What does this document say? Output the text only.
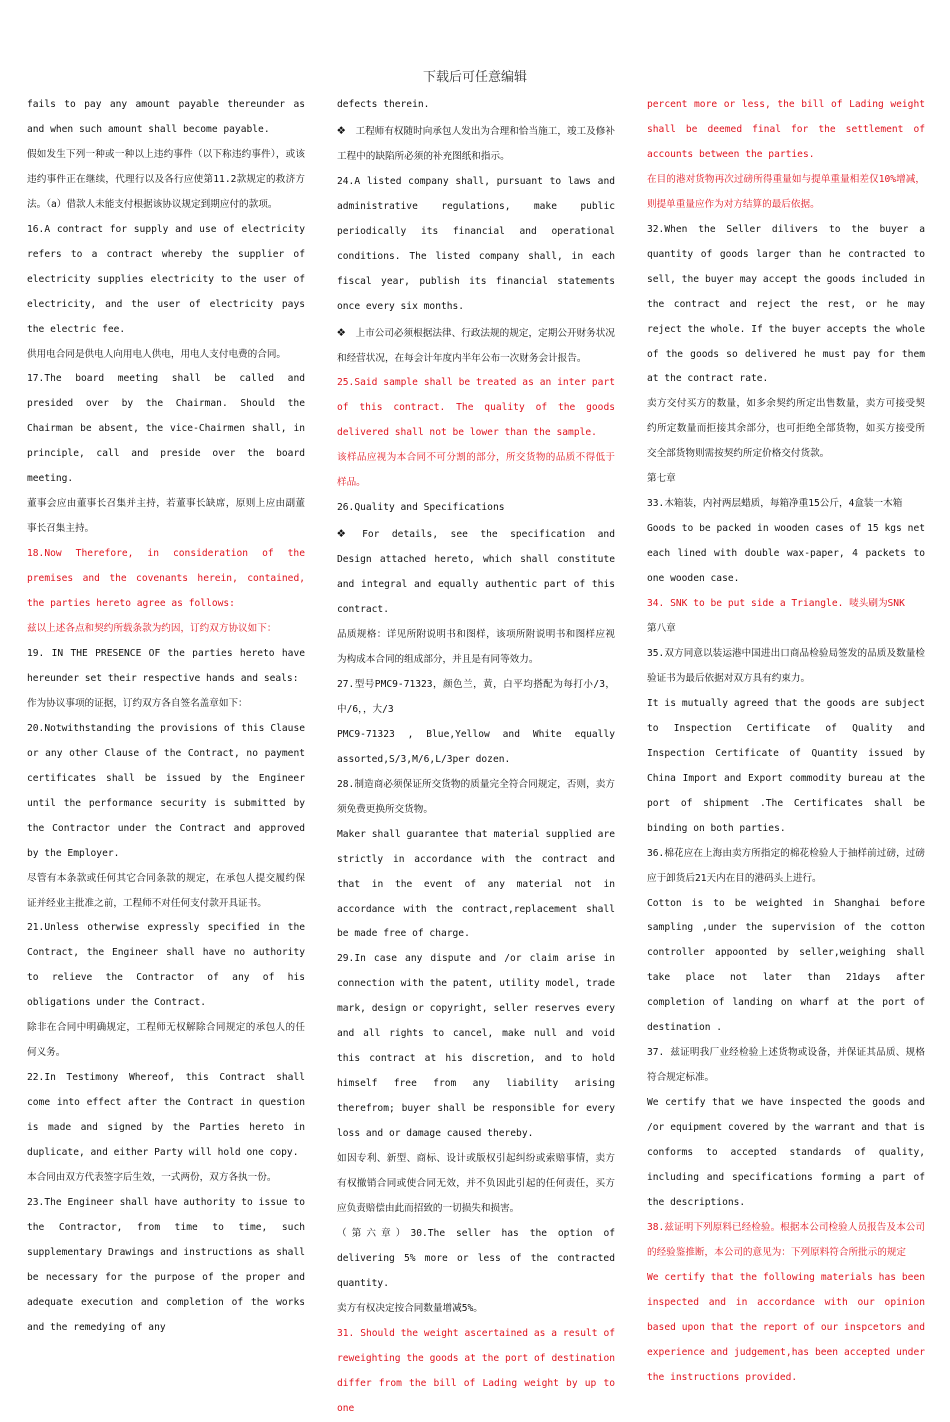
下载后可任意编辑
fails to pay any amount payable thereunder as and when such amount shall become payable.
假如发生下列一种或一种以上违约事件（以下称违约事件），或该违约事件正在继续，代理行以及各行应使第11.2款规定的救济方法。（a）借款人未能支付根据该协议规定到期应付的款项。
16.A contract for supply and use of electricity refers to a contract whereby the supplier of electricity supplies electricity to the user of electricity, and the user of electricity pays the electric fee.
供用电合同是供电人向用电人供电，用电人支付电费的合同。
17.The board meeting shall be called and presided over by the Chairman. Should the Chairman be absent, the vice-Chairmen shall, in principle, call and preside over the board meeting.
董事会应由董事长召集并主持，若董事长缺席，原则上应由副董事长召集主持。
18.Now Therefore, in consideration of the premises and the covenants herein, contained, the parties hereto agree as follows:
兹以上述各点和契约所载条款为约因，订约双方协议如下：
19. IN THE PRESENCE OF the parties hereto have hereunder set their respective hands and seals:
作为协议事项的证据，订约双方各自签名盖章如下：
20.Notwithstanding the provisions of this Clause or any other Clause of the Contract, no payment certificates shall be issued by the Engineer until the performance security is submitted by the Contractor under the Contract and approved by the Employer.
尽管有本条款或任何其它合同条款的规定，在承包人提交履约保证并经业主批准之前，工程师不对任何支付款开具证书。
21.Unless otherwise expressly specified in the Contract, the Engineer shall have no authority to relieve the Contractor of any of his obligations under the Contract.
除非在合同中明确规定，工程师无权解除合同规定的承包人的任何义务。
22.In Testimony Whereof, this Contract shall come into effect after the Contract in question is made and signed by the Parties hereto in duplicate, and either Party will hold one copy.
本合同由双方代表签字后生效，一式两份，双方各执一份。
23.The Engineer shall have authority to issue to the Contractor, from time to time, such supplementary Drawings and instructions as shall be necessary for the purpose of the proper and adequate execution and completion of the works and the remedying of any
defects therein.
❖ 工程师有权随时向承包人发出为合理和恰当施工，竣工及修补工程中的缺陷所必须的补充图纸和指示。
24.A listed company shall, pursuant to laws and administrative regulations, make public periodically its financial and operational conditions. The listed company shall, in each fiscal year, publish its financial statements once every six months.
❖ 上市公司必须根据法律、行政法规的规定，定期公开财务状况和经营状况，在每会计年度内半年公布一次财务会计报告。
25.Said sample shall be treated as an inter part of this contract. The quality of the goods delivered shall not be lower than the sample.
该样品应视为本合同不可分割的部分，所交货物的品质不得低于样品。
26.Quality and Specifications
❖ For details, see the specification and Design attached hereto, which shall constitute and integral and equally authentic part of this contract.
品质规格：详见所附说明书和图样，该项所附说明书和图样应视为构成本合同的组成部分，并且是有同等效力。
27.型号PMC9-71323，颜色兰，黄，白平均搭配为每打小/3，中/6，，大/3
PMC9-71323 , Blue,Yellow and White equally assorted,S/3,M/6,L/3per dozen.
28.制造商必须保证所交货物的质量完全符合同规定，否则，卖方须免费更换所交货物。
Maker shall guarantee that material supplied are strictly in accordance with the contract and that in the event of any material not in accordance with the contract,replacement shall be made free of charge.
29.In case any dispute and /or claim arise in connection with the patent, utility model, trade mark, design or copyright, seller reserves every and all rights to cancel, make null and void this contract at his discretion, and to hold himself free from any liability arising therefrom; buyer shall be responsible for every loss and or damage caused thereby.
如因专利、新型、商标、设计或版权引起纠纷或索赔事情，卖方有权撤销合同或使合同无效，并不负因此引起的任何责任，买方应负责赔偿由此而招致的一切损失和损害。
（第六章）30.The seller has the option of delivering 5% more or less of the contracted quantity.
卖方有权决定按合同数量增减5%。
31. Should the weight ascertained as a result of reweighting the goods at the port of destination differ from the bill of Lading weight by up to one
percent more or less, the bill of Lading weight shall be deemed final for the settlement of accounts between the parties.
在目的港对货物再次过磅所得重量如与提单重量相差仅10%增减，则提单重量应作为对方结算的最后依据。
32.When the Seller dilivers to the buyer a quantity of goods larger than he contracted to sell, the buyer may accept the goods included in the contract and reject the rest, or he may reject the whole. If the buyer accepts the whole of the goods so delivered he must pay for them at the contract rate.
卖方交付买方的数量，如多余契约所定出售数量，卖方可接受契约所定数量而拒接其余部分，也可拒绝全部货物，如买方接受所交全部货物则需按契约所定价格交付货款。
第七章
33.木箱装，内衬两层蜡质，每箱净重15公斤，4盒装一木箱
Goods to be packed in wooden cases of 15 kgs net each lined with double wax-paper, 4 packets to one wooden case.
34. SNK to be put side a Triangle. 唛头刷为SNK
第八章
35.双方同意以装运港中国进出口商品检验局签发的品质及数量检验证书为最后依据对双方具有约束力。
It is mutually agreed that the goods are subject to Inspection Certificate of Quality and Inspection Certificate of Quantity issued by China Import and Export commodity bureau at the port of shipment .The Certificates shall be binding on both parties.
36.棉花应在上海由卖方所指定的棉花检验人于抽样前过磅，过磅应于卸货后21天内在目的港码头上进行。
Cotton is to be weighted in Shanghai before sampling ,under the supervision of the cotton controller appoonted by seller,weighing shall take place not later than 21days after completion of landing on wharf at the port of destination .
37. 兹证明我厂业经检验上述货物或设备，并保证其品质、规格符合规定标准。
We certify that we have inspected the goods and /or equipment covered by the warrant and that is conforms to accepted standards of quality, including and specifications forming a part of the descriptions.
38.兹证明下列原料已经检验。根据本公司检验人员报告及本公司的经验鉴推断，本公司的意见为：下列原料符合所批示的规定
We certify that the following materials has been inspected and in accordance with our opinion based upon that the report of our inspcetors and experience and judgement,has been accepted under the instructions provided.
